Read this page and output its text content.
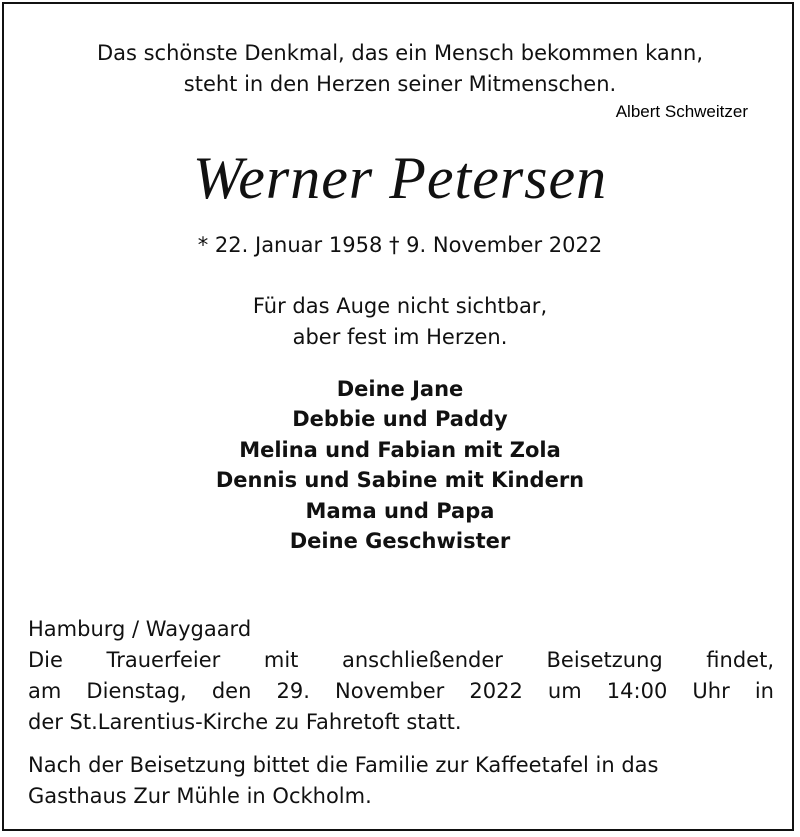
Das schönste Denkmal, das ein Mensch bekommen kann,
steht in den Herzen seiner Mitmenschen.
Albert Schweitzer
Werner Petersen
* 22. Januar 1958 † 9. November 2022
Für das Auge nicht sichtbar,
aber fest im Herzen.
Deine Jane
Debbie und Paddy
Melina und Fabian mit Zola
Dennis und Sabine mit Kindern
Mama und Papa
Deine Geschwister
Hamburg / Waygaard
Die Trauerfeier mit anschließender Beisetzung findet,
am Dienstag, den 29. November 2022 um 14:00 Uhr in
der St.Larentius-Kirche zu Fahretoft statt.
Nach der Beisetzung bittet die Familie zur Kaffeetafel in das
Gasthaus Zur Mühle in Ockholm.
